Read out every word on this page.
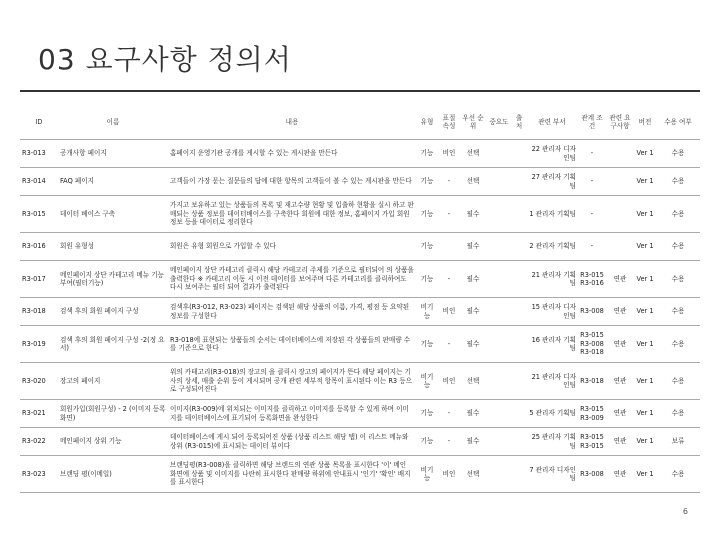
03 요구사항 정의서
ID	이름	내용	유형	표절 속성	우선 순위	중요도	출처	관련 부서	관계 조건	관련 요구사항	버전	수용 여부
R3-013	공개사항 페이지	홈페이지 운영기관 공개를 게시할 수 있는 게시판을 만든다	기능	비인	선택			22 관리자 디자인팀	-		Ver 1	수용
R3-014	FAQ 페이지	고객들이 가장 묻는 질문들의 답에 대한 항목의 고객들이 볼 수 있는 게시판을 만든다	기능	-	선택			27 관리자 기획팀	-		Ver 1	수용
R3-015	데이터 베이스 구축	가지고 보유하고 있는 상품들의 목록 및 재고수량 현황 및 입출하 현황을 실시 하고 판매되는 상품 정보를 데이터베이스를 구축한다 회원에 대한 정보, 홈페이지 가입 회원 정보 등을 데이터로 정리한다	기능	-	필수			1 관리자 기획팀	-		Ver 1	수용
R3-016	회원 유형성	회원은 유형 회원으로 가입할 수 있다	기능		필수			2 관리자 기획팀	-		Ver 1	수용
R3-017	메인페이지 상단 카테고리 메뉴 기능부여(필터기능)	메인페이지 상단 카테고리 클릭시 해당 카테고리 주제를 기준으로 필터되어 의 상품을 출력한다 ※ 카테고리 이동 시 이전 데이터를 보여주며 다른 카테고리를 클릭하여도 다시 보여주는 필터 되어 결과가 출력된다	기능	-	필수			21 관리자 기획팀	R3-015 R3-016	연관	Ver 1	수용
R3-018	검색 후의 회원 페이지 구성	검색후(R3-012, R3-023) 페이지는 검색된 해당 상품의 이름, 가격, 평점 등 요약된 정보를 구성한다	비기능	비인	필수			15 관리자 디자인팀	R3-008	연관	Ver 1	수용
R3-019	검색 후의 회원 페이지 구성 -2(정 요서)	R3-018에 표현되는 상품들의 순서는 데이터베이스에 저장된 각 상품들의 판매량 수를 기준으로 한다	기능	-	필수			16 관리자 기획팀	R3-015 R3-008 R3-018	연관	Ver 1	수용
R3-020	장고의 페이지	위의 카테고리(R3-018)의 장고의 을 클릭시 장고의 페이지가 뜬다 해당 페이지는 기사의 상세, 매출 순위 등이 게시되며 공개 관련 세부적 항목이 표시된다 이는 R3 등으로 구성되어진다	비기능	비인	선택			21 관리자 디자인팀	R3-018	연관	Ver 1	수용
R3-021	회원가입(회원구성) - 2 (이미지 등록화면)	이미지(R3-009)에 위치되는 이미지를 클릭하고 이미지를 등록할 수 있게 하며 이미지를 데이터베이스에 표기되어 등록화면을 완성한다	기능	-	필수			5 관리자 기획팀	R3-015 R3-009	연관	Ver 1	수용
R3-022	메인페이지 상위 기능	데이터베이스에 게시 되어 등록되어진 상품 (상품 리스트 해당 탭) 이 리스트 메뉴와 상위 (R3-015)에 표시되는 데이터 뷰이다	기능	-	필수			25 관리자 기획팀	R3-015 R3-015	연관	Ver 1	보류
R3-023	브랜딩 평(이메일)	브랜딩평(R3-008)을 클릭하면 해당 브랜드의 연관 상품 목록을 표시한다 '이' 메인 화면에 상품 및 이미지를 나란히 표시한다 판매량 하위에 안내표시 '인기' '확인' 배지를 표시한다	비기능	비인	선택			7 관리자 디자인팀	R3-008	연관	Ver 1	수용
6
